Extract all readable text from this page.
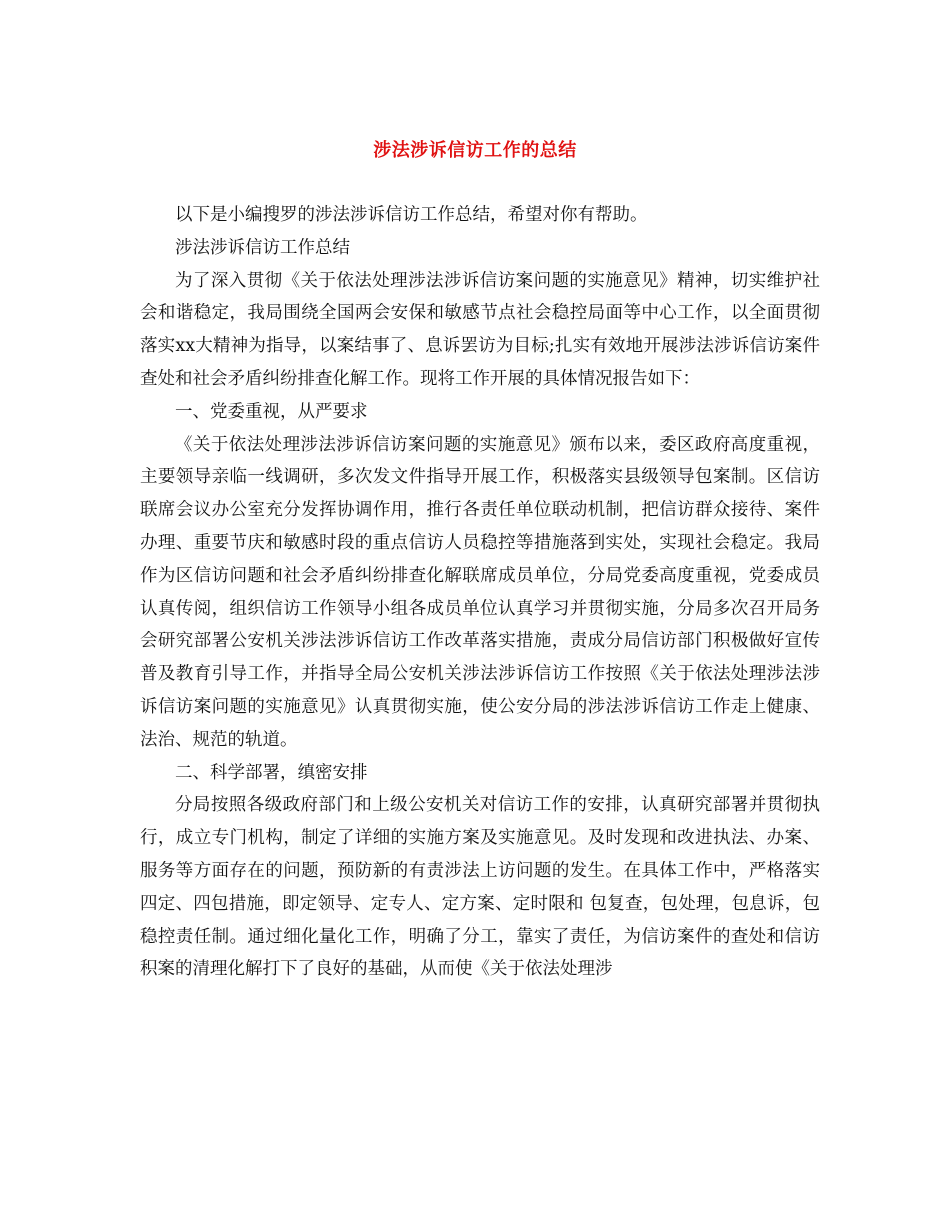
涉法涉诉信访工作的总结

以下是小编搜罗的涉法涉诉信访工作总结，希望对你有帮助。

涉法涉诉信访工作总结

为了深入贯彻《关于依法处理涉法涉诉信访案问题的实施意见》精神，切实维护社会和谐稳定，我局围绕全国两会安保和敏感节点社会稳控局面等中心工作，以全面贯彻落实xx大精神为指导，以案结事了、息诉罢访为目标;扎实有效地开展涉法涉诉信访案件查处和社会矛盾纠纷排查化解工作。现将工作开展的具体情况报告如下：

一、党委重视，从严要求

《关于依法处理涉法涉诉信访案问题的实施意见》颁布以来，委区政府高度重视，主要领导亲临一线调研，多次发文件指导开展工作，积极落实县级领导包案制。区信访联席会议办公室充分发挥协调作用，推行各责任单位联动机制，把信访群众接待、案件办理、重要节庆和敏感时段的重点信访人员稳控等措施落到实处，实现社会稳定。我局作为区信访问题和社会矛盾纠纷排查化解联席成员单位，分局党委高度重视，党委成员认真传阅，组织信访工作领导小组各成员单位认真学习并贯彻实施，分局多次召开局务会研究部署公安机关涉法涉诉信访工作改革落实措施，责成分局信访部门积极做好宣传普及教育引导工作，并指导全局公安机关涉法涉诉信访工作按照《关于依法处理涉法涉诉信访案问题的实施意见》认真贯彻实施，使公安分局的涉法涉诉信访工作走上健康、法治、规范的轨道。

二、科学部署，缜密安排

分局按照各级政府部门和上级公安机关对信访工作的安排，认真研究部署并贯彻执行，成立专门机构，制定了详细的实施方案及实施意见。及时发现和改进执法、办案、服务等方面存在的问题，预防新的有责涉法上访问题的发生。在具体工作中，严格落实四定、四包措施，即定领导、定专人、定方案、定时限和 包复查，包处理，包息诉，包稳控责任制。通过细化量化工作，明确了分工，靠实了责任，为信访案件的查处和信访积案的清理化解打下了良好的基础，从而使《关于依法处理涉
